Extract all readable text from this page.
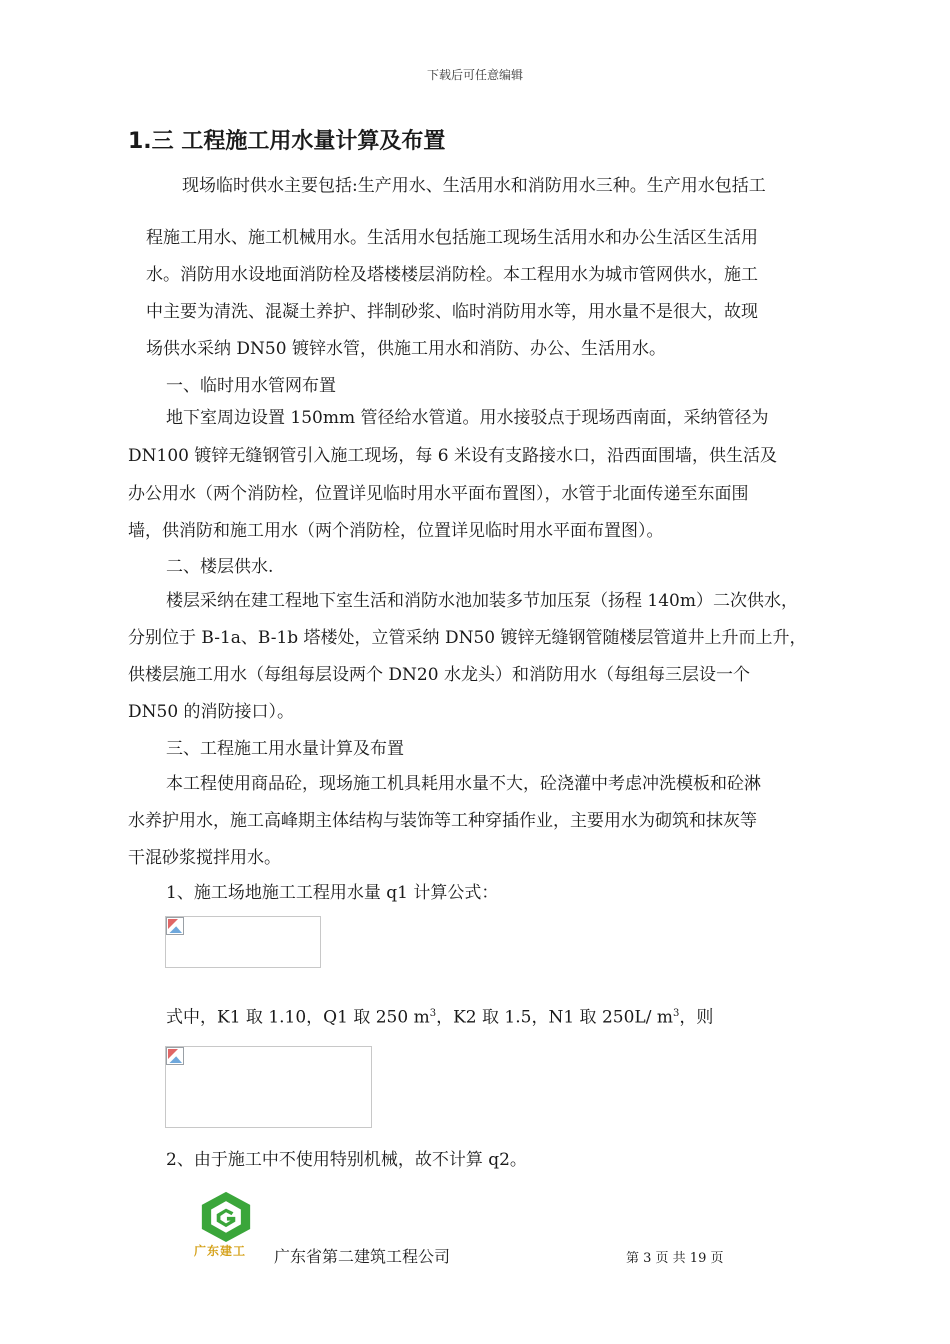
下载后可任意编辑
1.三 工程施工用水量计算及布置

现场临时供水主要包括:生产用水、生活用水和消防用水三种。生产用水包括工

程施工用水、施工机械用水。生活用水包括施工现场生活用水和办公生活区生活用

水。消防用水设地面消防栓及塔楼楼层消防栓。本工程用水为城市管网供水，施工

中主要为清洗、混凝土养护、拌制砂浆、临时消防用水等，用水量不是很大，故现

场供水采纳 DN50 镀锌水管，供施工用水和消防、办公、生活用水。

一、临时用水管网布置

地下室周边设置 150mm 管径给水管道。用水接驳点于现场西南面，采纳管径为

DN100 镀锌无缝钢管引入施工现场，每 6 米设有支路接水口，沿西面围墙，供生活及

办公用水（两个消防栓，位置详见临时用水平面布置图），水管于北面传递至东面围

墙，供消防和施工用水（两个消防栓，位置详见临时用水平面布置图）。

二、楼层供水.

楼层采纳在建工程地下室生活和消防水池加装多节加压泵（扬程 140m）二次供水，

分别位于 B-1a、B-1b 塔楼处，立管采纳 DN50 镀锌无缝钢管随楼层管道井上升而上升，

供楼层施工用水（每组每层设两个 DN20 水龙头）和消防用水（每组每三层设一个

DN50 的消防接口）。

三、工程施工用水量计算及布置

本工程使用商品砼，现场施工机具耗用水量不大，砼浇灌中考虑冲洗模板和砼淋

水养护用水，施工高峰期主体结构与装饰等工种穿插作业，主要用水为砌筑和抹灰等

干混砂浆搅拌用水。

1、施工场地施工工程用水量 q1 计算公式：

式中，K1 取 1.10，Q1 取 250 $m^3$，K2 取 1.5，N1 取 250L/ $m^3$，则

2、由于施工中不使用特别机械，故不计算 q2。

广东建工	广东省第二建筑工程公司	第 3 页 共 19 页
